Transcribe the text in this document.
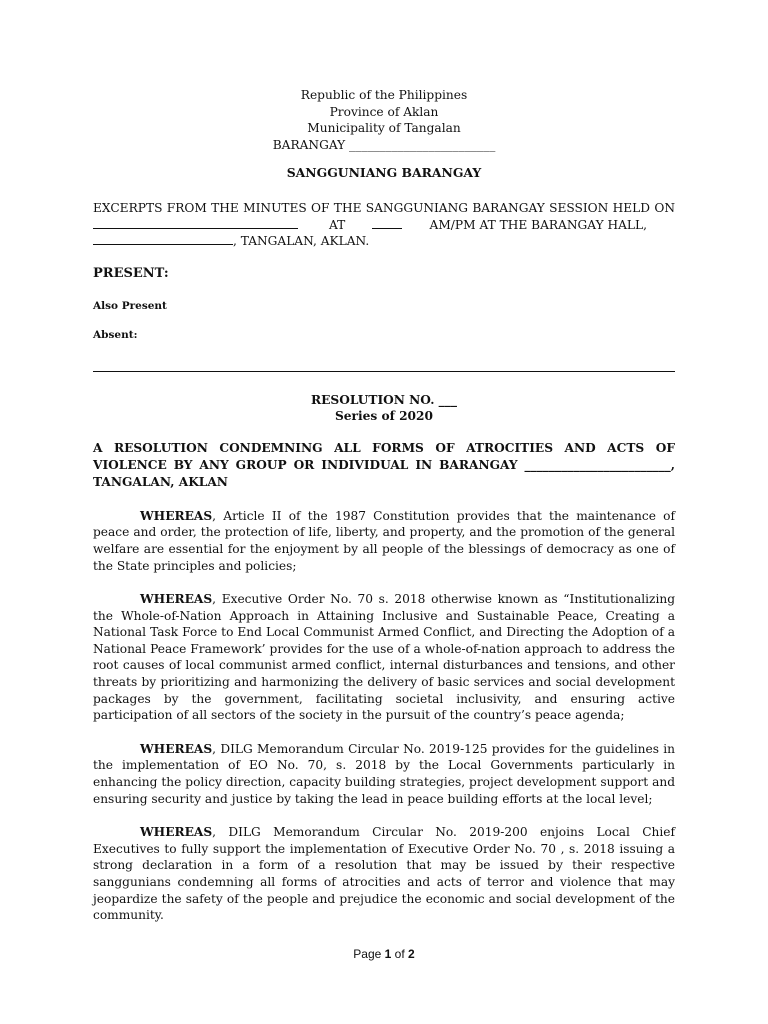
Republic of the Philippines
Province of Aklan
Municipality of Tangalan
BARANGAY ________________________
SANGGUNIANG BARANGAY
EXCERPTS FROM THE MINUTES OF THE SANGGUNIANG BARANGAY SESSION HELD ON         AT	AM/PM AT THE BARANGAY HALL,
, TANGALAN, AKLAN.
PRESENT:
Also Present
Absent:
RESOLUTION NO. ___
Series of 2020
A RESOLUTION CONDEMNING ALL FORMS OF ATROCITIES AND ACTS OF VIOLENCE BY ANY GROUP OR INDIVIDUAL IN BARANGAY ________________________, TANGALAN, AKLAN
WHEREAS, Article II of the 1987 Constitution provides that the maintenance of peace and order, the protection of life, liberty, and property, and the promotion of the general welfare are essential for the enjoyment by all people of the blessings of democracy as one of the State principles and policies;
WHEREAS, Executive Order No. 70 s. 2018 otherwise known as “Institutionalizing the Whole-of-Nation Approach in Attaining Inclusive and Sustainable Peace, Creating a National Task Force to End Local Communist Armed Conflict, and Directing the Adoption of a National Peace Framework’ provides for the use of a whole-of-nation approach to address the root causes of local communist armed conflict, internal disturbances and tensions, and other threats by prioritizing and harmonizing the delivery of basic services and social development packages by the government, facilitating societal inclusivity, and ensuring active participation of all sectors of the society in the pursuit of the country’s peace agenda;
WHEREAS, DILG Memorandum Circular No. 2019-125 provides for the guidelines in the implementation of EO No. 70, s. 2018 by the Local Governments particularly in enhancing the policy direction, capacity building strategies, project development support and ensuring security and justice by taking the lead in peace building efforts at the local level;
WHEREAS, DILG Memorandum Circular No. 2019-200 enjoins Local Chief Executives to fully support the implementation of Executive Order No. 70 , s. 2018 issuing a strong declaration in a form of a resolution that may be issued by their respective sanggunians condemning all forms of atrocities and acts of terror and violence that may jeopardize the safety of the people and prejudice the economic and social development of the community.
Page 1 of 2
